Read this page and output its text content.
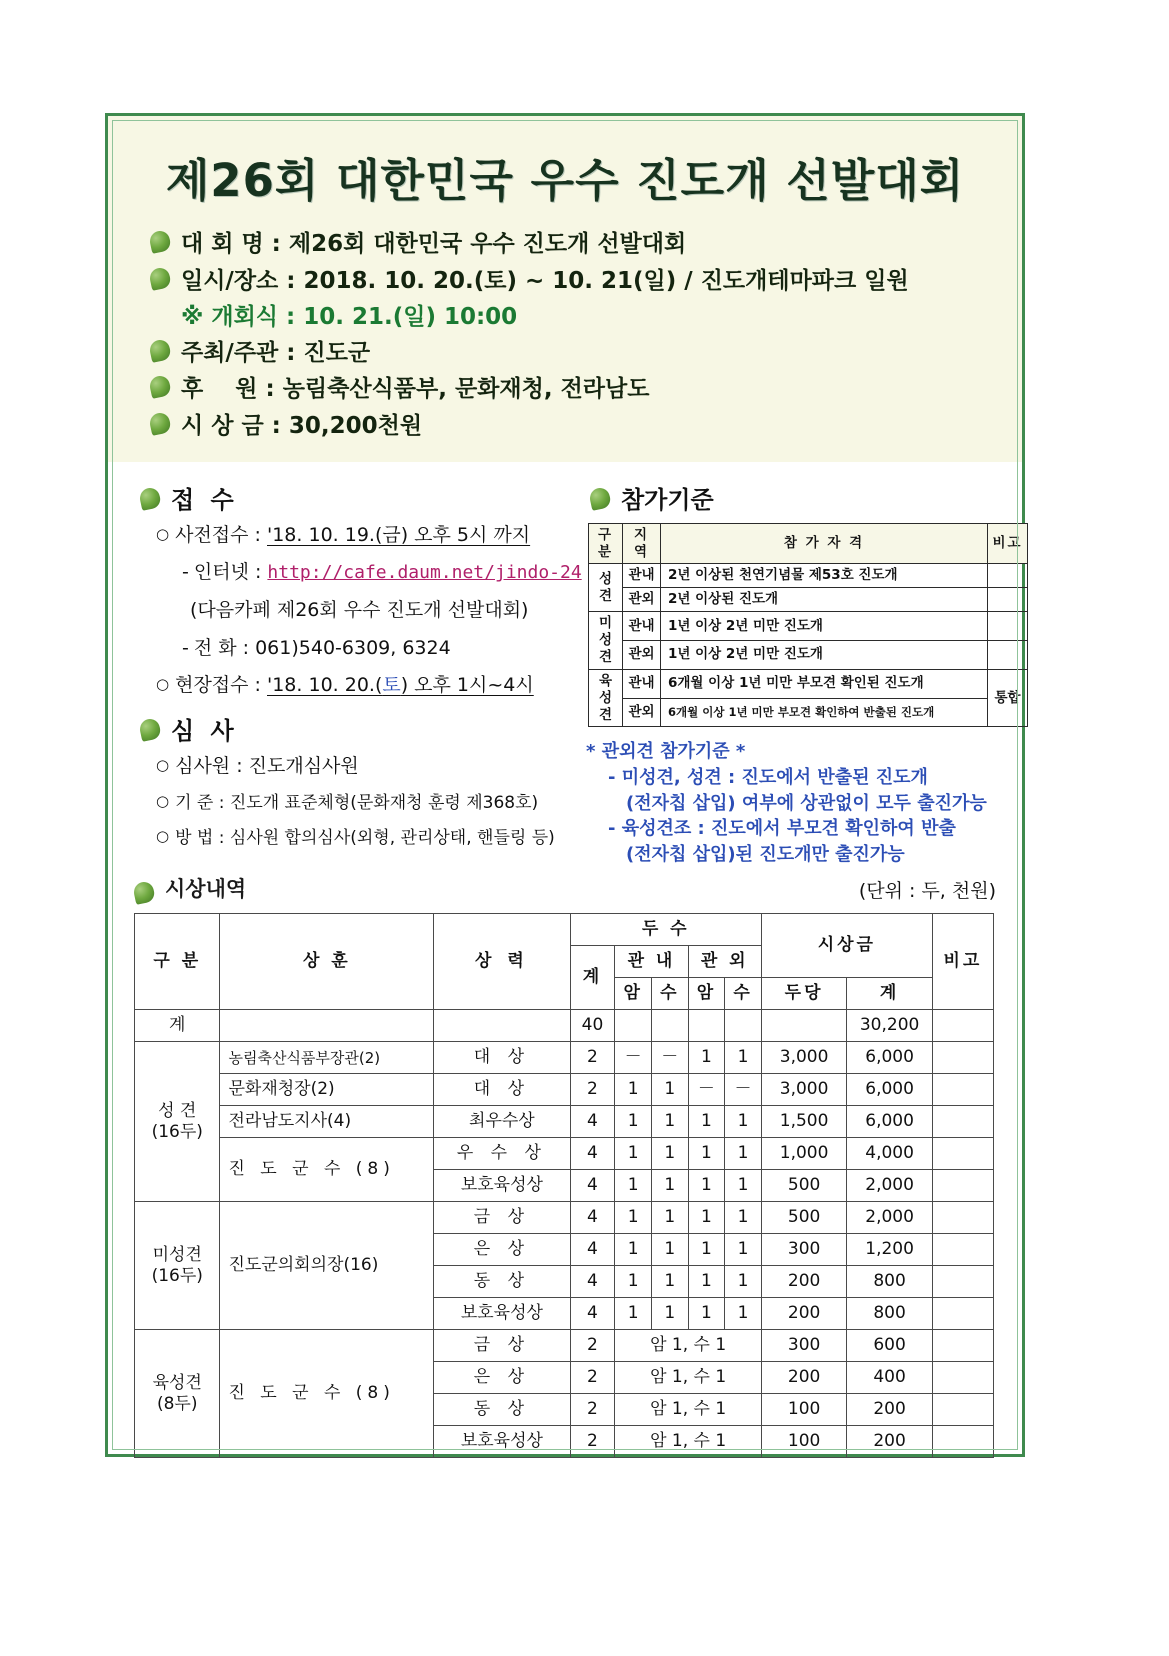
제26회 대한민국 우수 진도개 선발대회
대 회 명 : 제26회 대한민국 우수 진도개 선발대회
일시/장소 : 2018. 10. 20.(토) ~ 10. 21(일) / 진도개테마파크 일원
※ 개회식 : 10. 21.(일) 10:00
주최/주관 : 진도군
후    원 : 농림축산식품부, 문화재청, 전라남도
시 상 금 : 30,200천원
접 수
○ 사전접수 : '18. 10. 19.(금) 오후 5시 까지
- 인터넷 : http://cafe.daum.net/jindo-24
(다음카페 제26회 우수 진도개 선발대회)
- 전 화 : 061)540-6309, 6324
○ 현장접수 : '18. 10. 20.(토) 오후 1시~4시
심 사
○ 심사원 : 진도개심사원
○ 기 준 : 진도개 표준체형(문화재청 훈령 제368호)
○ 방 법 : 심사원 합의심사(외형, 관리상태, 핸들링 등)
참가기준
구 분	지역	참 가 자 격	비고
성
견	관내	2년 이상된 천연기념물 제53호 진도개	
	관외	2년 이상된 진도개	
미
성
견	관내	1년 이상 2년 미만 진도개	
	관외	1년 이상 2년 미만 진도개	
육
성
견	관내	6개월 이상 1년 미만 부모견 확인된 진도개	통합
	관외	6개월 이상 1년 미만 부모견 확인하여 반출된 진도개	
* 관외견 참가기준 *
- 미성견, 성견 : 진도에서 반출된 진도개
(전자칩 삽입) 여부에 상관없이 모두 출진가능
- 육성견조 : 진도에서 부모견 확인하여 반출
(전자칩 삽입)된 진도개만 출진가능
시상내역	(단위 : 두, 천원)
구 분	상 훈	상 력	두 수					시상금		비고
			계	관 내		관 외				
				암	수	암	수	두당	계	
계			40						30,200	

성 견
(16두)	농림축산식품부장관(2)	대 상	2	－	－	1	1	3,000	6,000	
	문화재청장(2)	대 상	2	1	1	－	－	3,000	6,000	
	전라남도지사(4)	최우수상	4	1	1	1	1	1,500	6,000	
	진 도 군 수 (8)	우 수 상	4	1	1	1	1	1,000	4,000	
		보호육성상	4	1	1	1	1	500	2,000	

미성견
(16두)	진도군의회의장(16)	금 상	4	1	1	1	1	500	2,000	
		은 상	4	1	1	1	1	300	1,200	
		동 상	4	1	1	1	1	200	800	
		보호육성상	4	1	1	1	1	200	800	

육성견
(8두)	진 도 군 수 (8)	금 상	2	암 1, 수 1				300	600	
		은 상	2	암 1, 수 1				200	400	
		동 상	2	암 1, 수 1				100	200	
		보호육성상	2	암 1, 수 1				100	200	
